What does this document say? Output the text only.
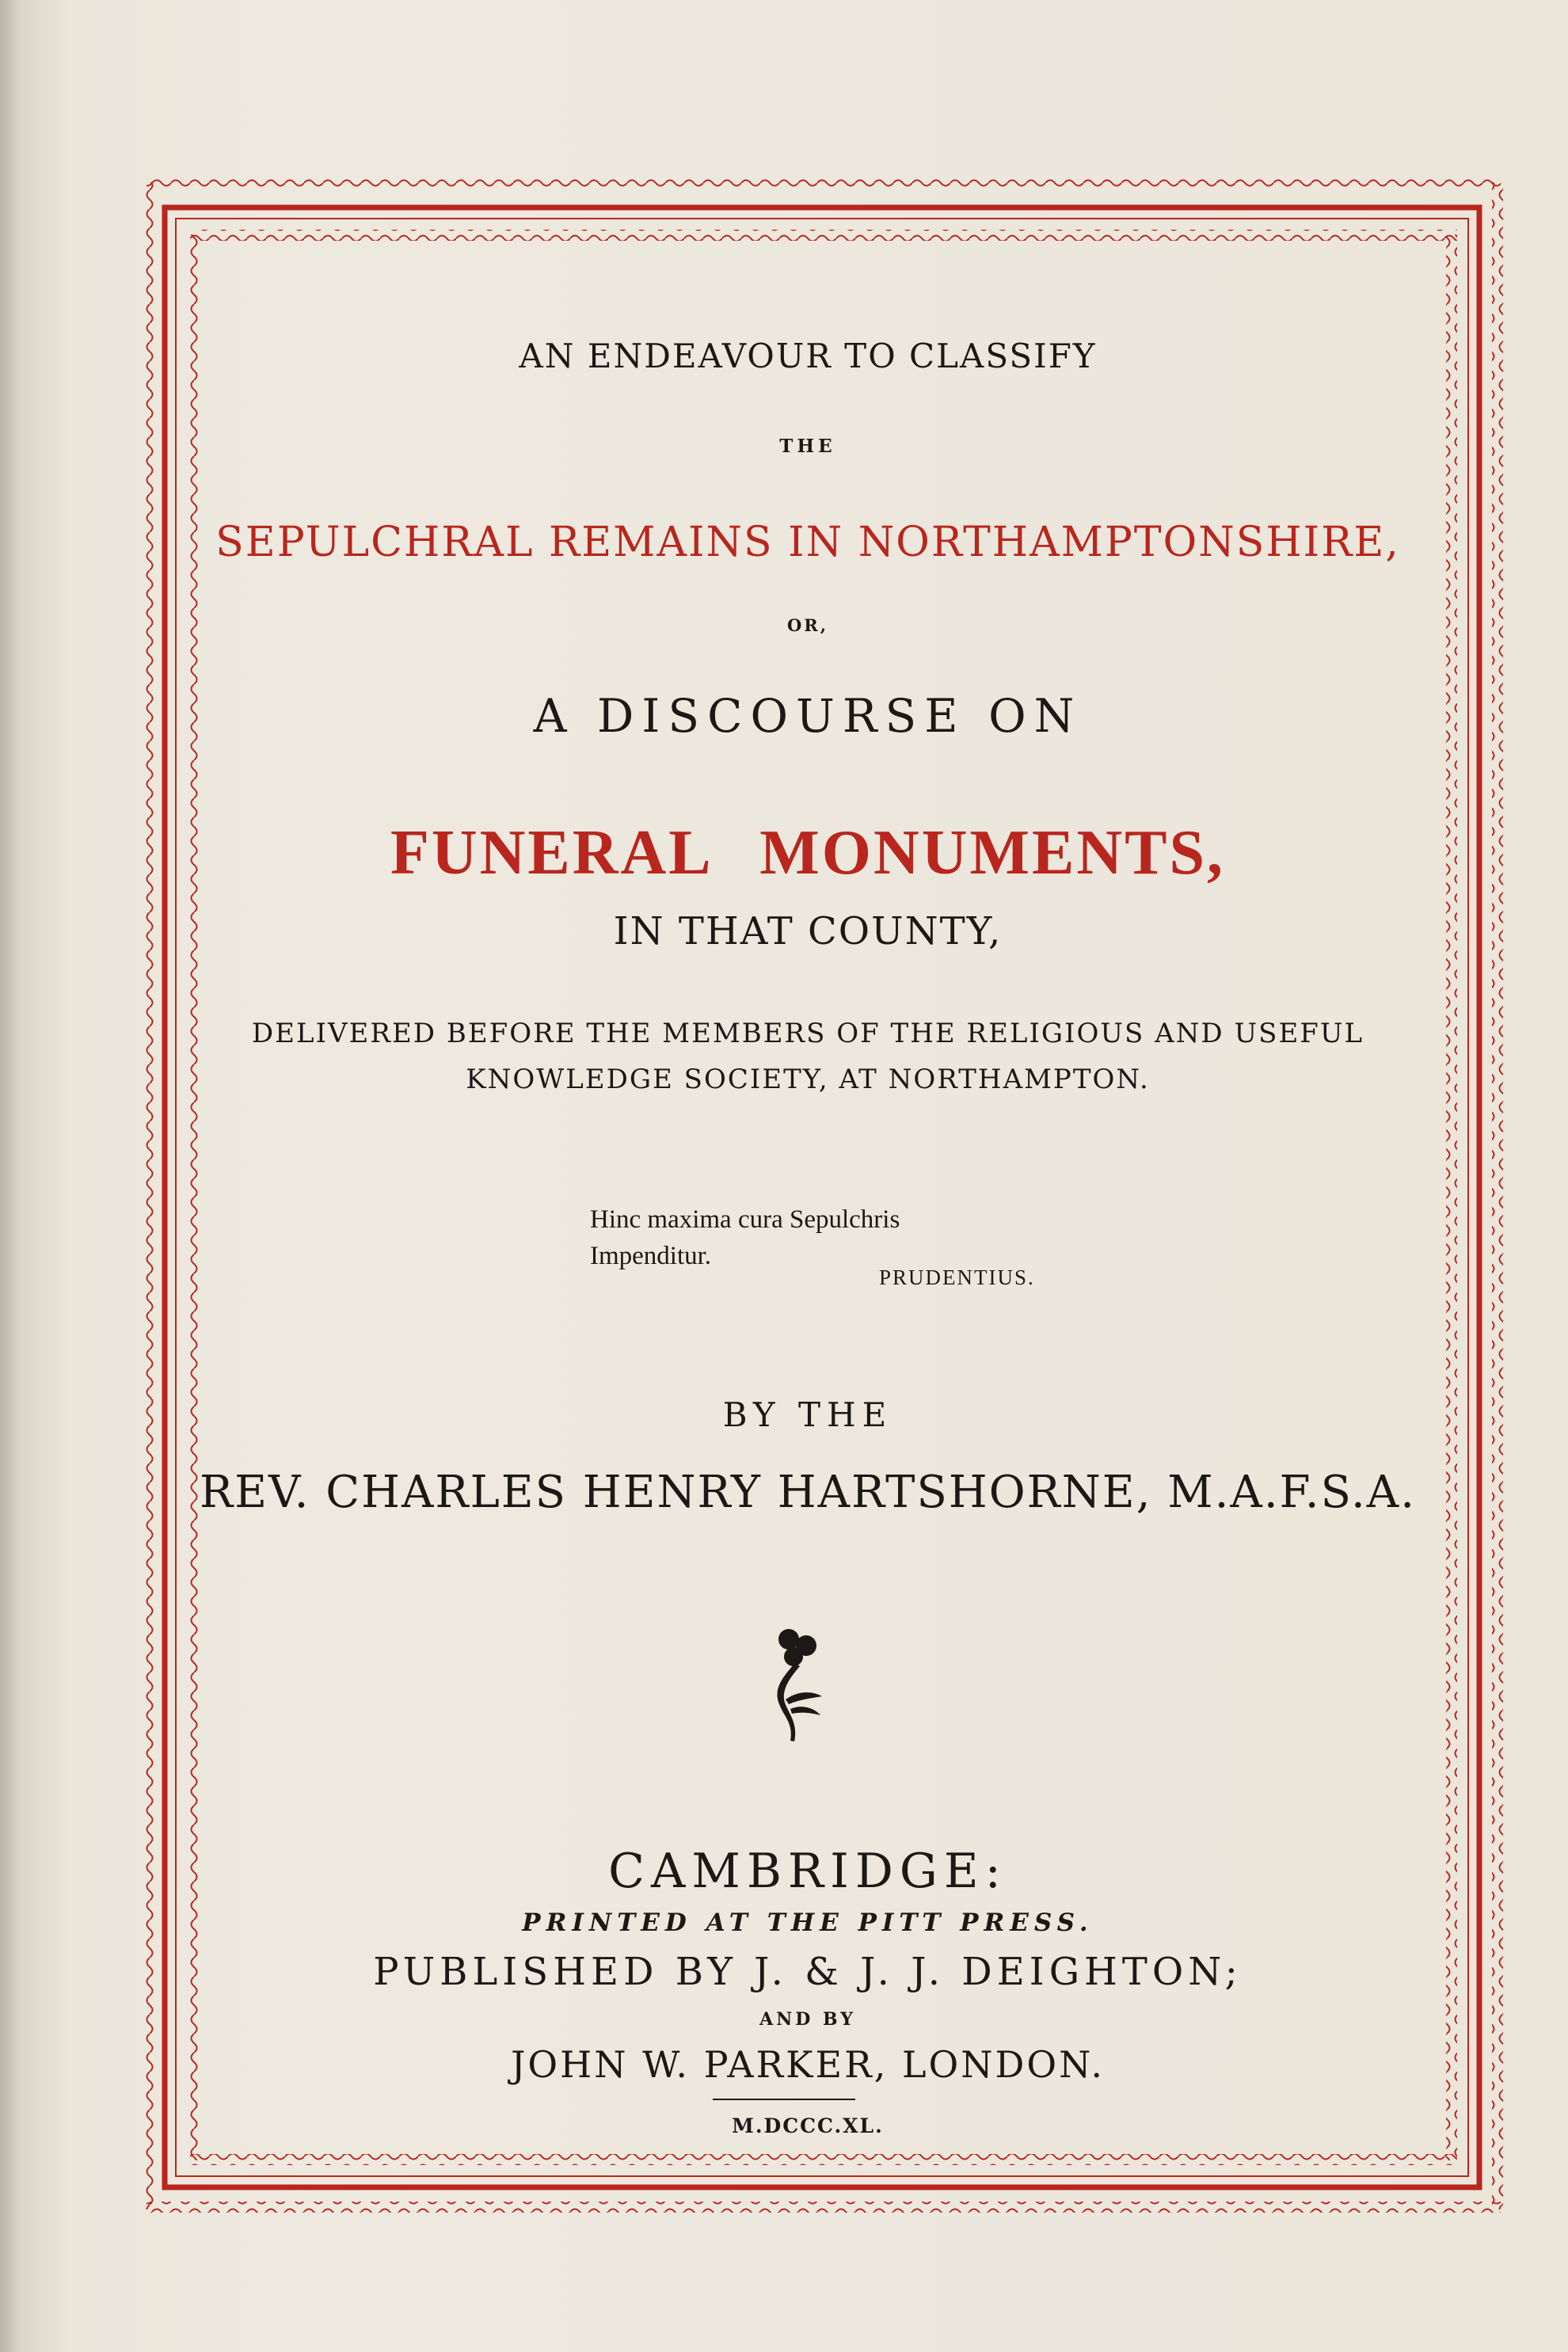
AN ENDEAVOUR TO CLASSIFY
THE
SEPULCHRAL REMAINS IN NORTHAMPTONSHIRE,
OR,
A DISCOURSE ON
FUNERAL MONUMENTS,
IN THAT COUNTY,
DELIVERED BEFORE THE MEMBERS OF THE RELIGIOUS AND USEFUL
KNOWLEDGE SOCIETY, AT NORTHAMPTON.
Hinc maxima cura Sepulchris
Impenditur.
PRUDENTIUS.
BY THE
REV. CHARLES HENRY HARTSHORNE, M.A.F.S.A.
CAMBRIDGE:
PRINTED AT THE PITT PRESS.
PUBLISHED BY J. & J. J. DEIGHTON;
AND BY
JOHN W. PARKER, LONDON.
M.DCCC.XL.
